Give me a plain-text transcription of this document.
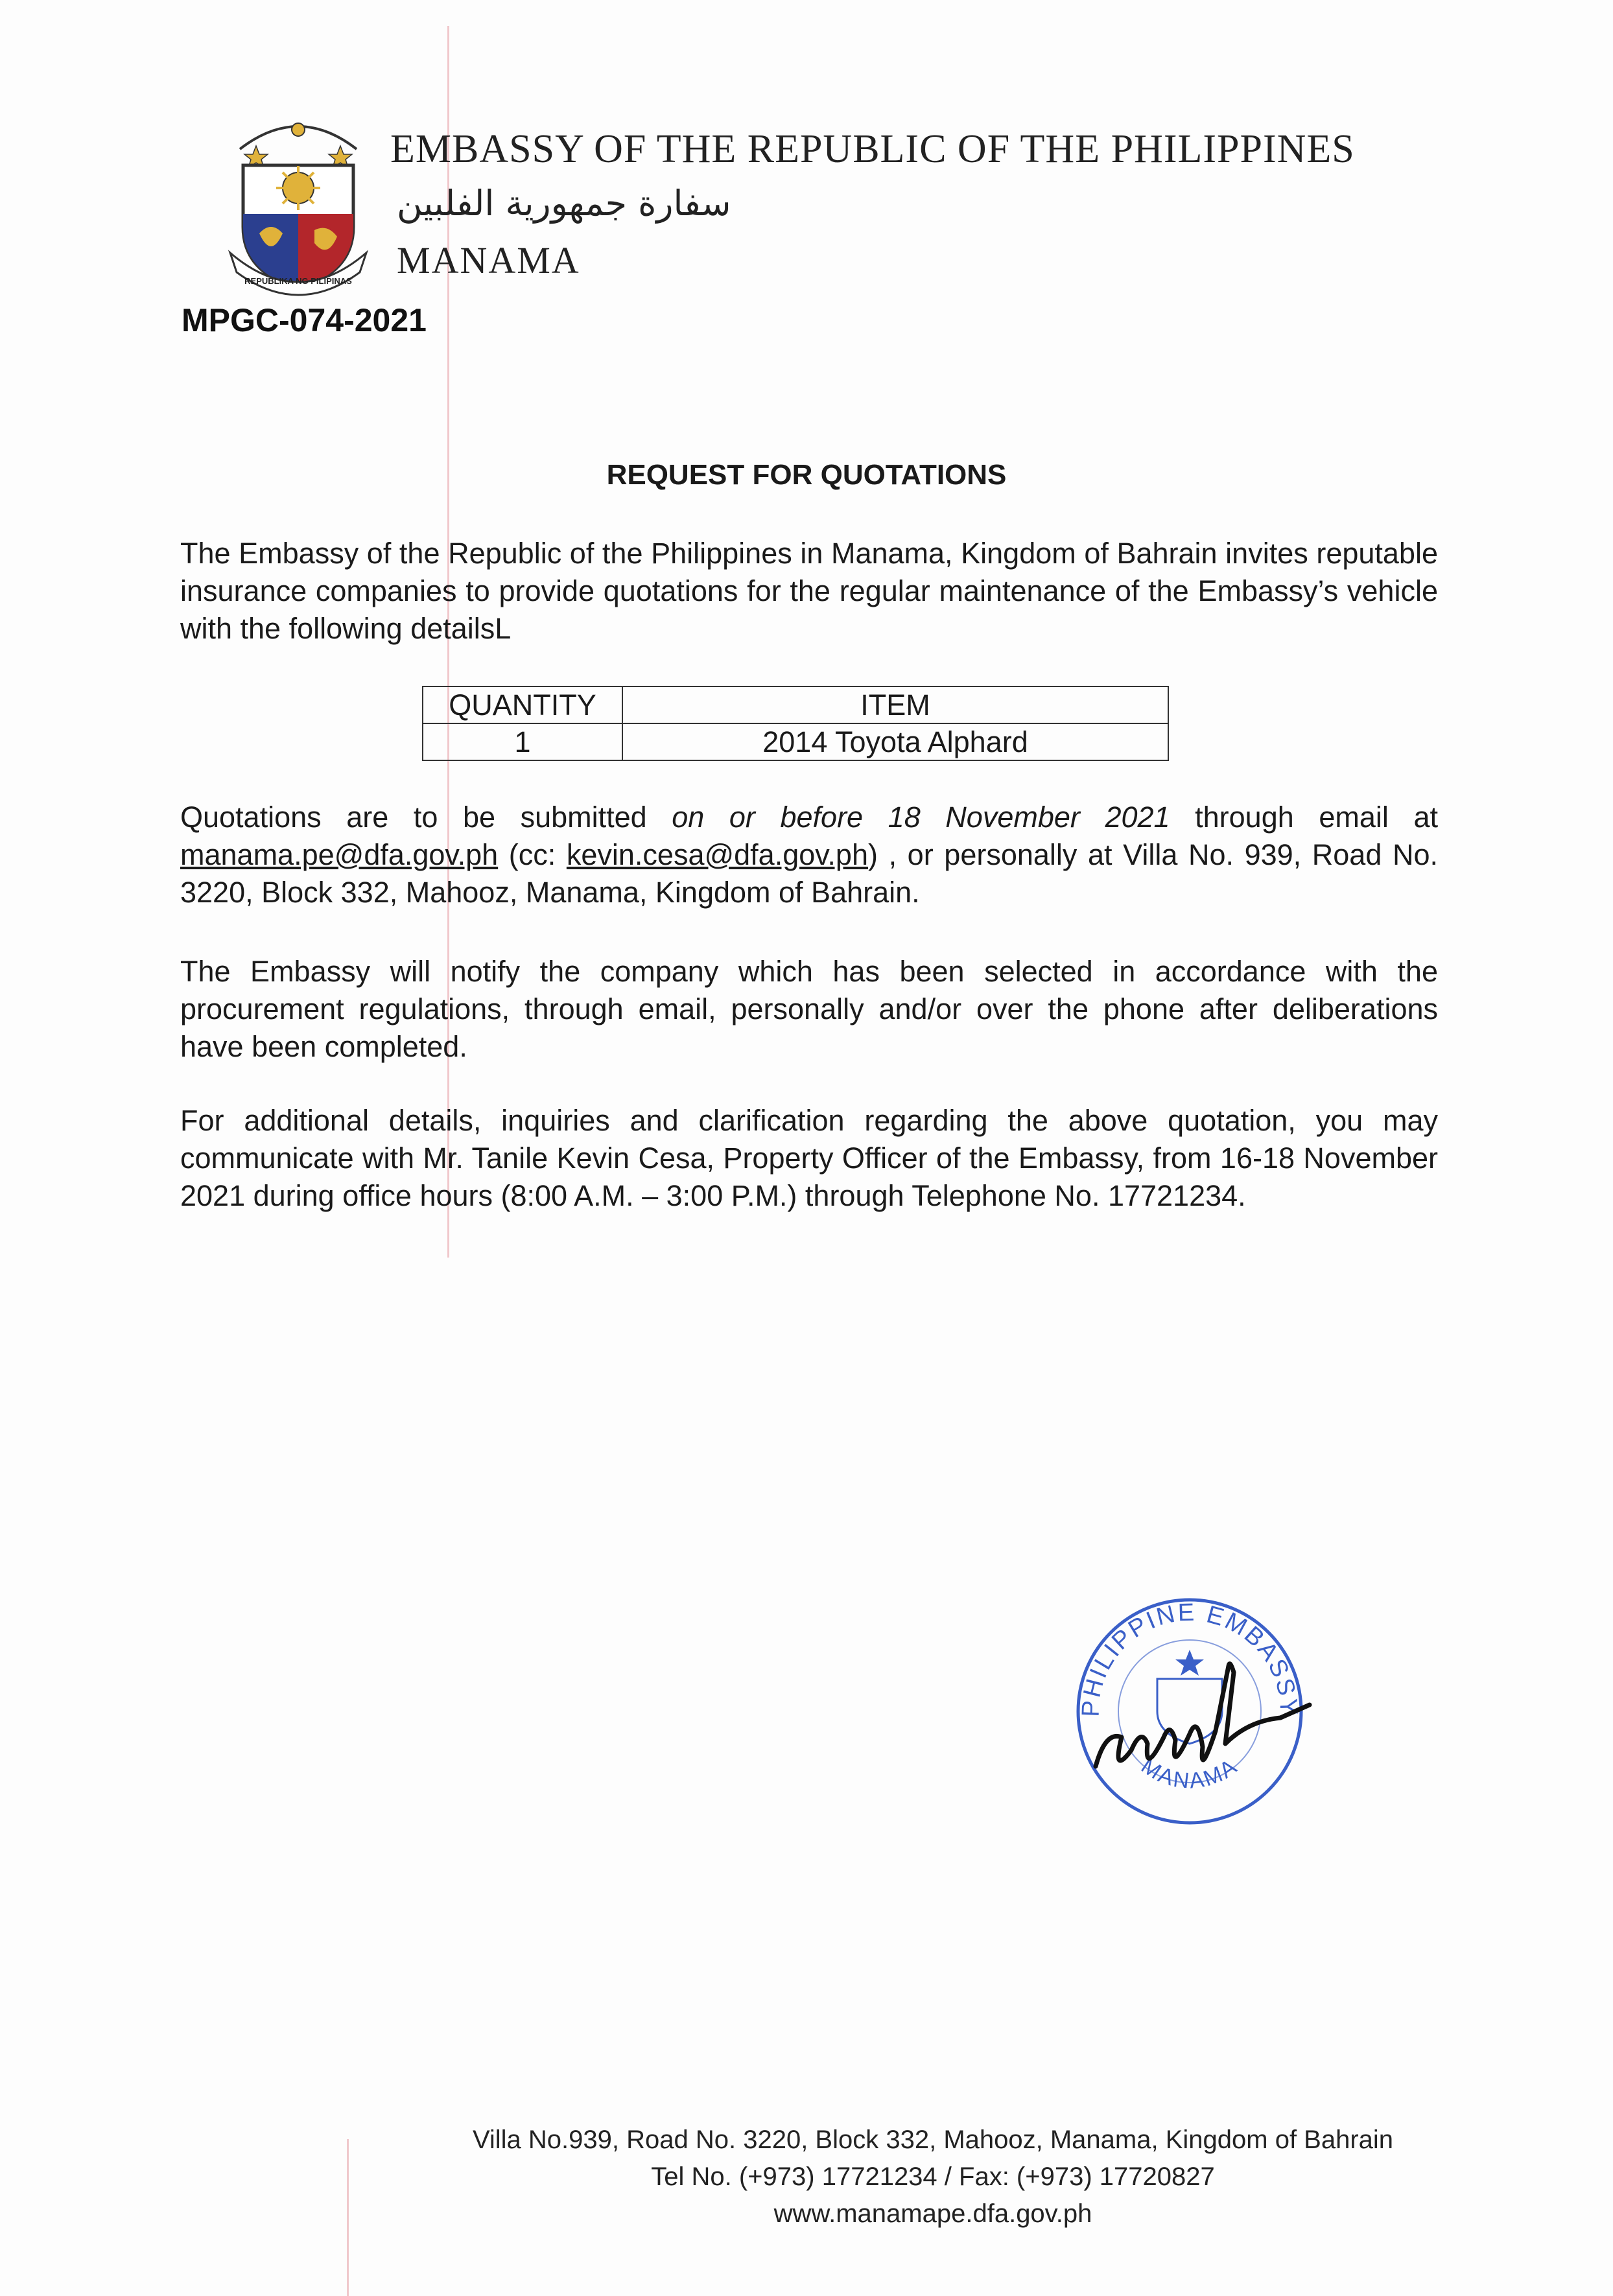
REPUBLIKA NG PILIPINAS
EMBASSY OF THE REPUBLIC OF THE PHILIPPINES
سفارة جمهورية الفلبين
MANAMA
MPGC-074-2021
REQUEST FOR QUOTATIONS
The Embassy of the Republic of the Philippines in Manama, Kingdom of Bahrain invites reputable insurance companies to provide quotations for the regular maintenance of the Embassy’s vehicle with the following detailsL
QUANTITY	ITEM
1	2014 Toyota Alphard
Quotations are to be submitted on or before 18 November 2021 through email at manama.pe@dfa.gov.ph (cc: kevin.cesa@dfa.gov.ph) , or personally at Villa No. 939, Road No. 3220, Block 332, Mahooz, Manama, Kingdom of Bahrain.
The Embassy will notify the company which has been selected in accordance with the procurement regulations, through email, personally and/or over the phone after deliberations have been completed.
For additional details, inquiries and clarification regarding the above quotation, you may communicate with Mr. Tanile Kevin Cesa, Property Officer of the Embassy, from 16-18 November 2021 during office hours (8:00 A.M. – 3:00 P.M.) through Telephone No. 17721234.
PHILIPPINE EMBASSY
MANAMA
Villa No.939, Road No. 3220, Block 332, Mahooz, Manama, Kingdom of Bahrain
Tel No. (+973) 17721234 / Fax: (+973) 17720827
www.manamape.dfa.gov.ph
